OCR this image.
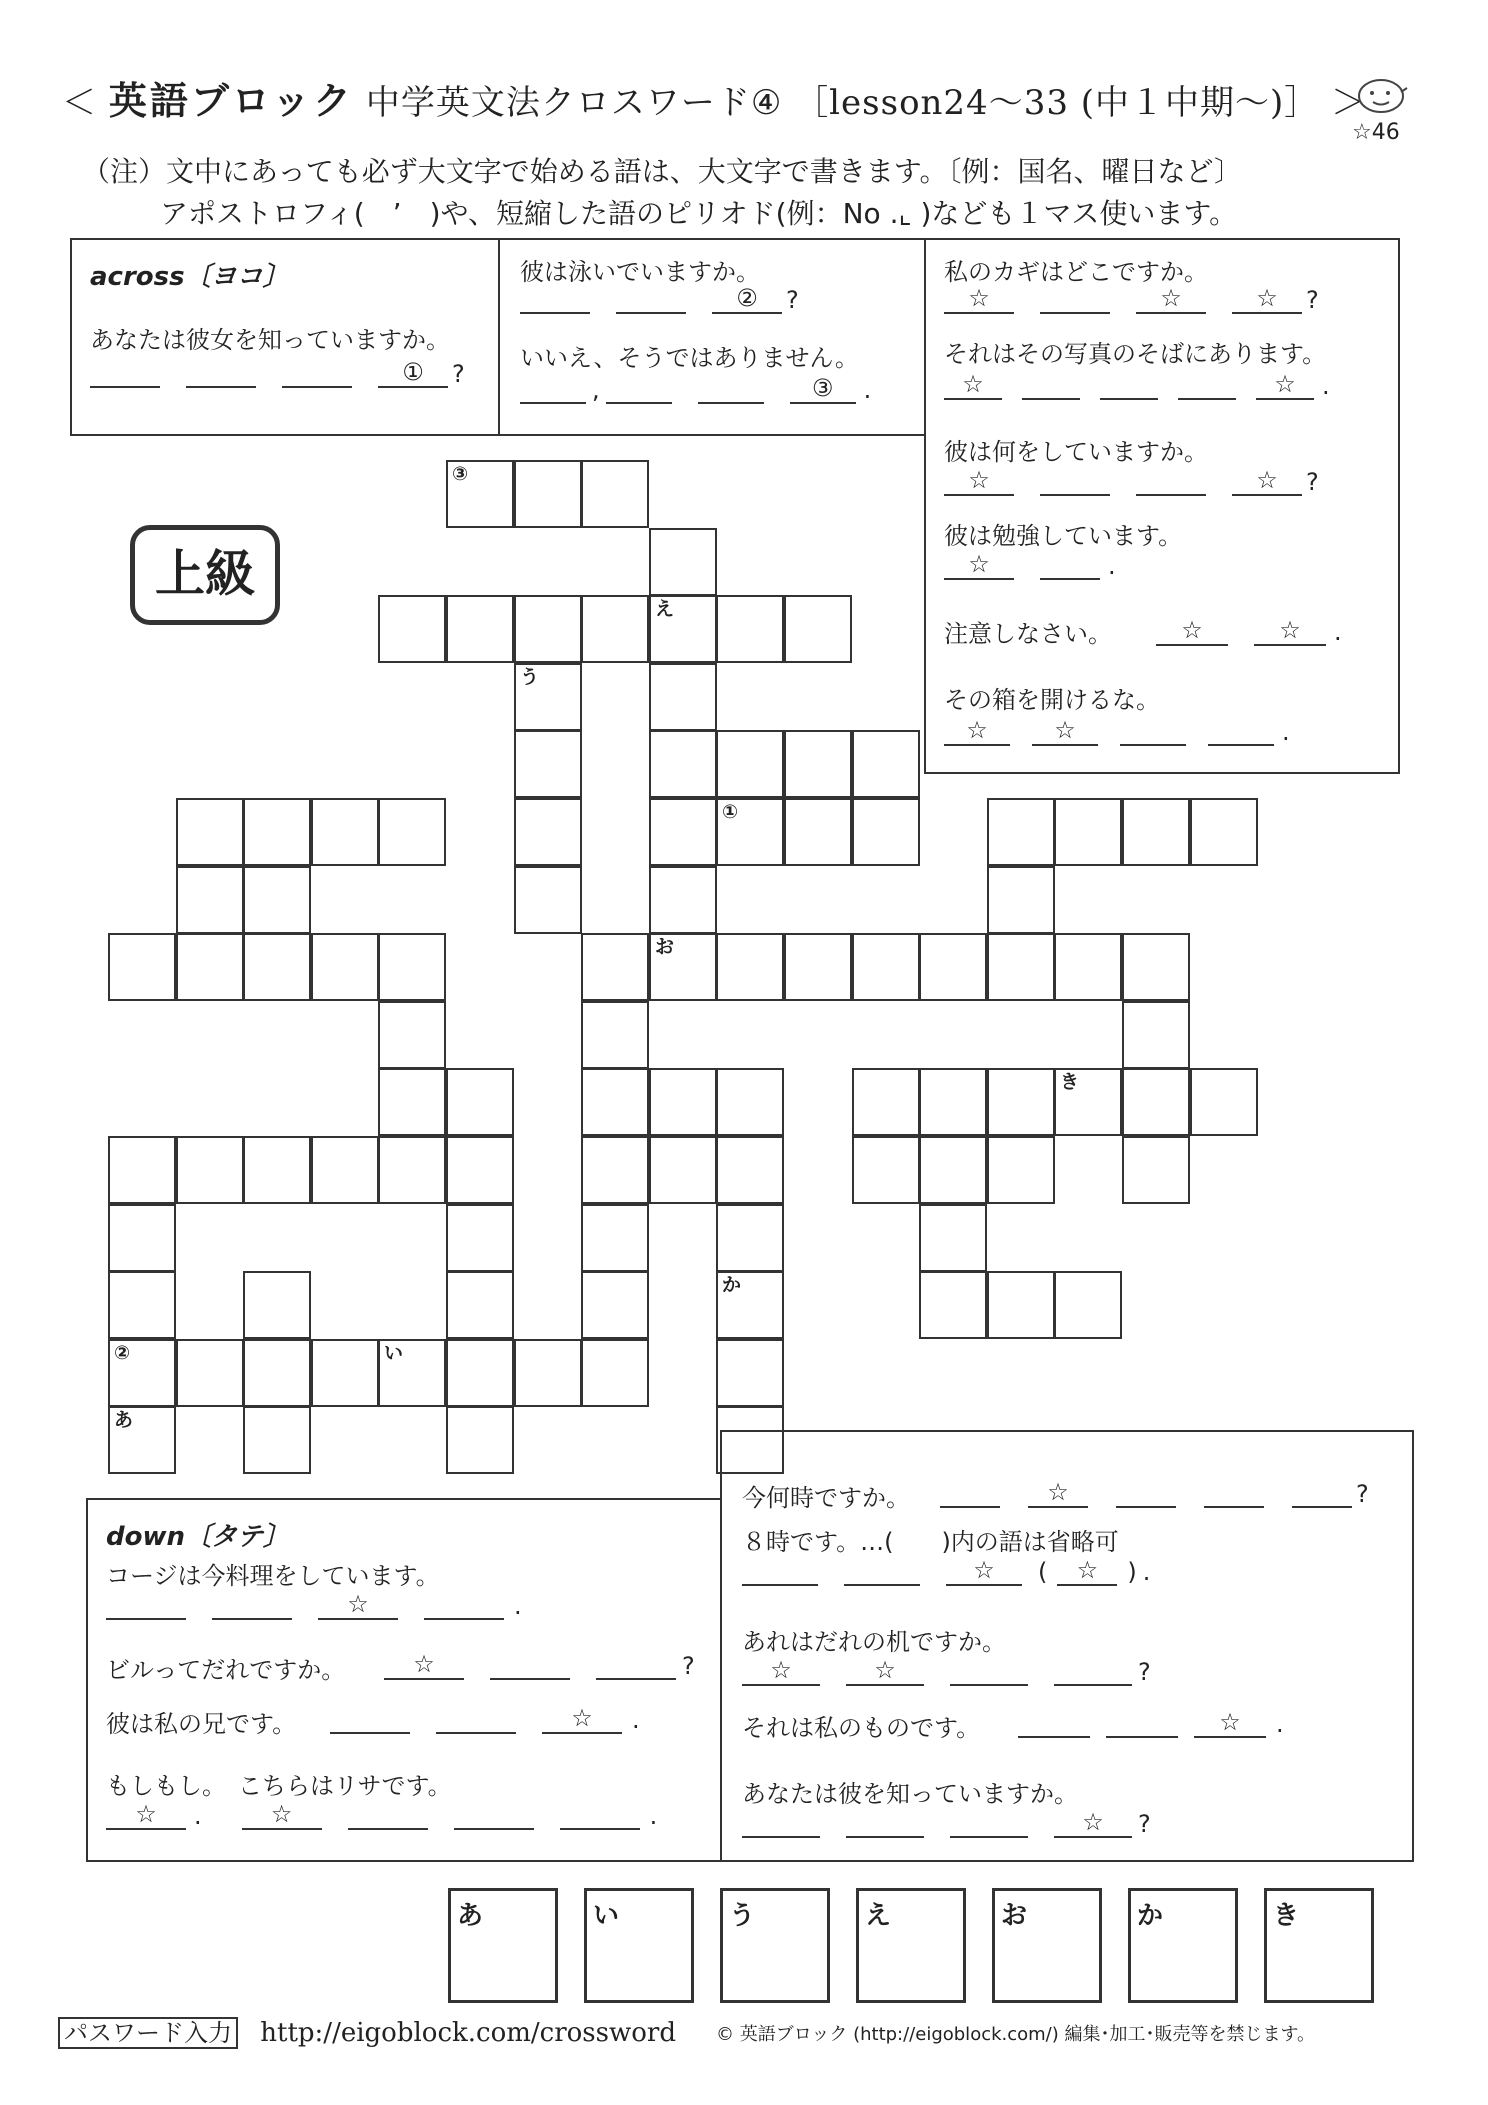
＜ 英語ブロック 中学英文法クロスワード④ ［lesson24～33 (中１中期～)］ ＞
☆46
（注）文中にあっても必ず大文字で始める語は、大文字で書きます。〔例：国名、曜日など〕
アポストロフィ(　’　)や、短縮した語のピリオド(例：No .⌞ )なども１マス使います。
across〔ヨコ〕
あなたは彼女を知っていますか。
① ?
彼は泳いでいますか。
② ?
いいえ、そうではありません。
,	③ .
私のカギはどこですか。
☆	☆	☆ ?
それはその写真のそばにあります。
☆	☆ .
彼は何をしていますか。
☆	☆ ?
彼は勉強しています。
☆	.
注意しなさい。	☆	☆ .
その箱を開けるな。
☆	☆	.
上級
③
え
う
①
お
き
か
②	い
あ
down〔タテ〕
コージは今料理をしています。
☆	.
ビルってだれですか。	☆	?
彼は私の兄です。	☆ .
もしもし。　こちらはリサです。
☆ .	☆	.
今何時ですか。	☆	?
８時です。…(　　)内の語は省略可
☆ ( ☆ ) .
あれはだれの机ですか。
☆	☆	?
それは私のものです。	☆ .
あなたは彼を知っていますか。
☆ ?
あ	い	う	え	お	か	き
パスワード入力 http://eigoblock.com/crossword © 英語ブロック (http://eigoblock.com/) 編集･加工･販売等を禁じます。
